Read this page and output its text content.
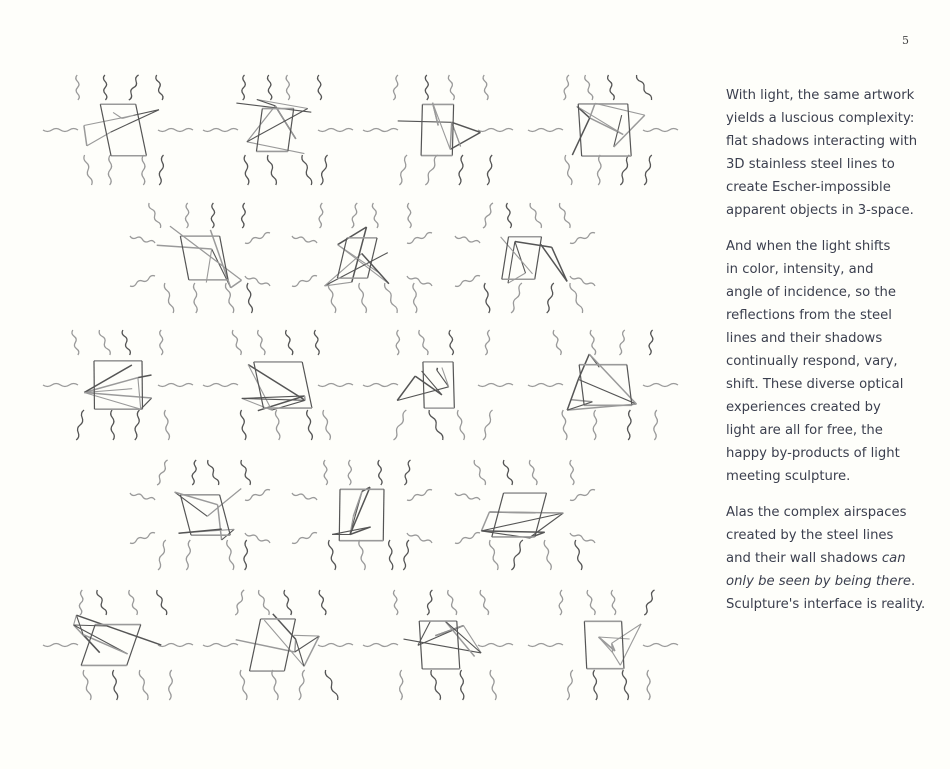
5

With light, the same artwork
yields a luscious complexity:
flat shadows interacting with
3D stainless steel lines to
create Escher-impossible
apparent objects in 3-space.

And when the light shifts
in color, intensity, and
angle of incidence, so the
reflections from the steel
lines and their shadows
continually respond, vary,
shift. These diverse optical
experiences created by
light are all for free, the
happy by-products of light
meeting sculpture.

Alas the complex airspaces
created by the steel lines
and their wall shadows can
only be seen by being there.
Sculpture's interface is reality.
